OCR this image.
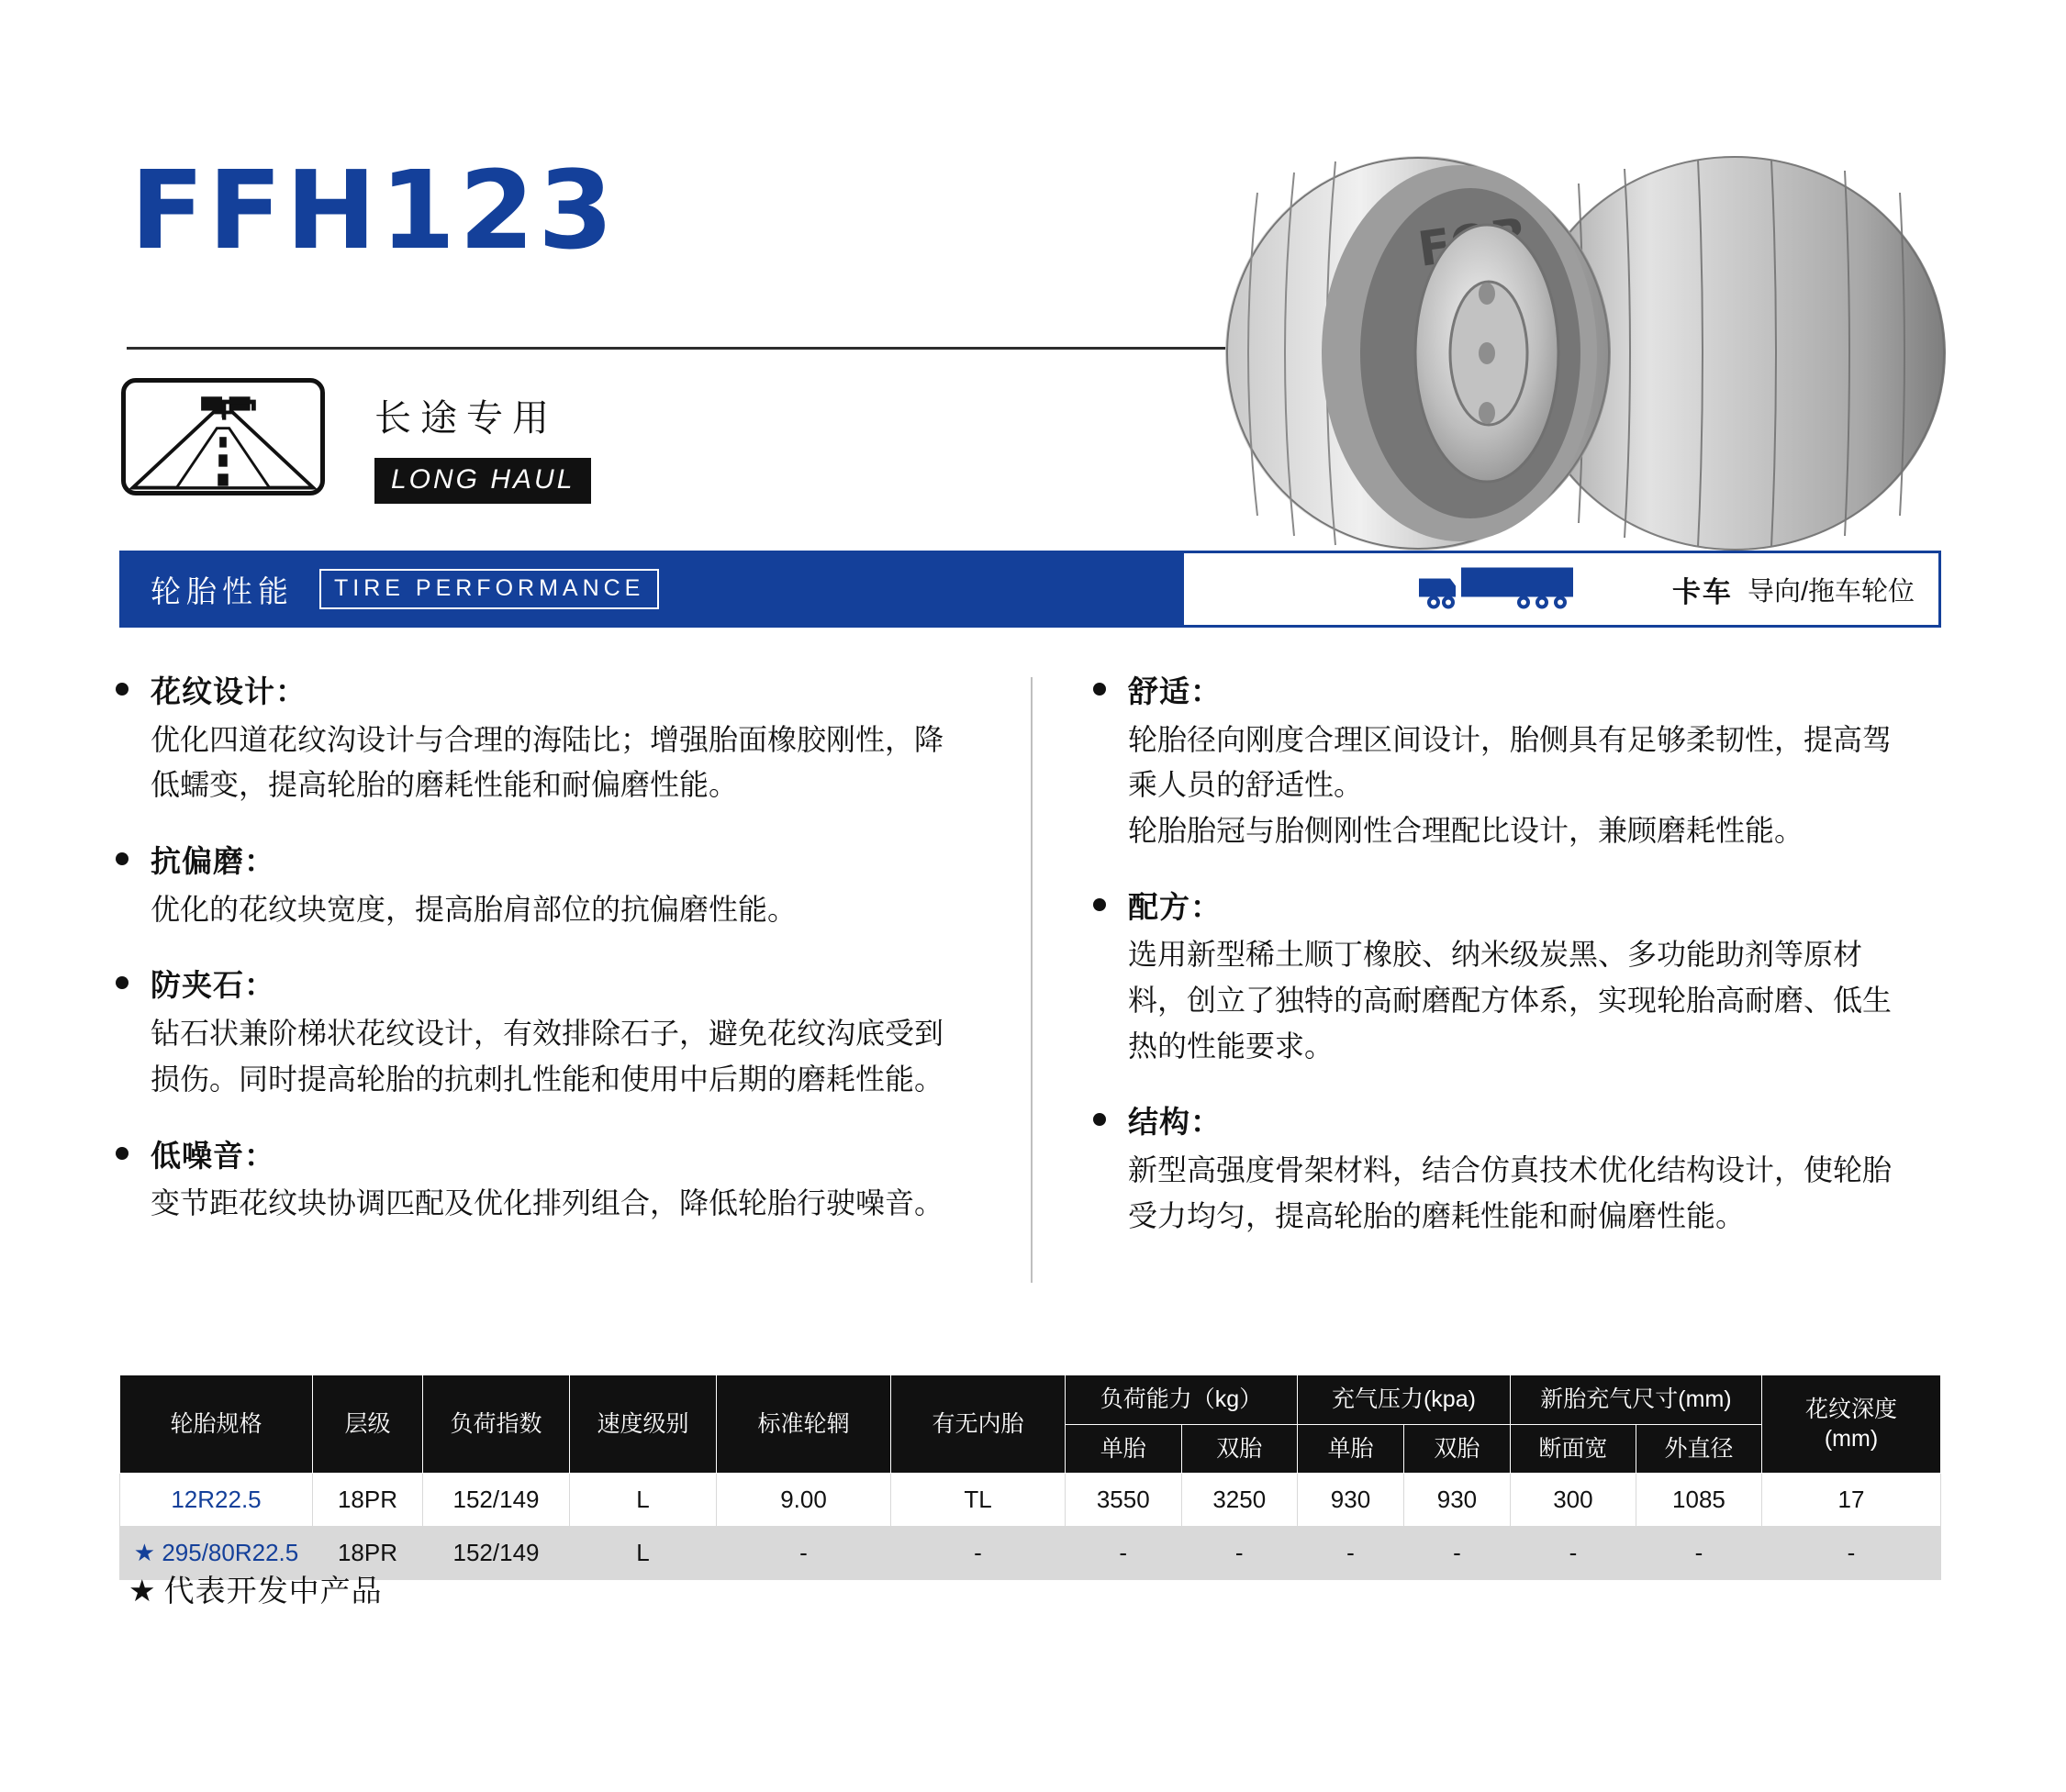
FFH123
长途专用
LONG HAUL
轮胎性能	TIRE PERFORMANCE	卡车 导向/拖车轮位
花纹设计：

优化四道花纹沟设计与合理的海陆比；增强胎面橡胶刚性，降

低蠕变，提高轮胎的磨耗性能和耐偏磨性能。

抗偏磨：

优化的花纹块宽度，提高胎肩部位的抗偏磨性能。

防夹石：

钻石状兼阶梯状花纹设计，有效排除石子，避免花纹沟底受到

损伤。同时提高轮胎的抗刺扎性能和使用中后期的磨耗性能。

低噪音：

变节距花纹块协调匹配及优化排列组合，降低轮胎行驶噪音。

舒适：

轮胎径向刚度合理区间设计，胎侧具有足够柔韧性，提高驾

乘人员的舒适性。

轮胎胎冠与胎侧刚性合理配比设计，兼顾磨耗性能。

配方：

选用新型稀土顺丁橡胶、纳米级炭黑、多功能助剂等原材

料，创立了独特的高耐磨配方体系，实现轮胎高耐磨、低生

热的性能要求。

结构：

新型高强度骨架材料，结合仿真技术优化结构设计，使轮胎

受力均匀，提高轮胎的磨耗性能和耐偏磨性能。

轮胎规格	层级	负荷指数	速度级别	标准轮辋	有无内胎	负荷能力（kg）		充气压力(kpa)		新胎充气尺寸(mm)		花纹深度
(mm)
						单胎	双胎	单胎	双胎	断面宽	外直径	
12R22.5	18PR	152/149	L	9.00	TL	3550	3250	930	930	300	1085	17
★ 295/80R22.5	18PR	152/149	L	-	-	-	-	-	-	-	-	-
★ 代表开发中产品
